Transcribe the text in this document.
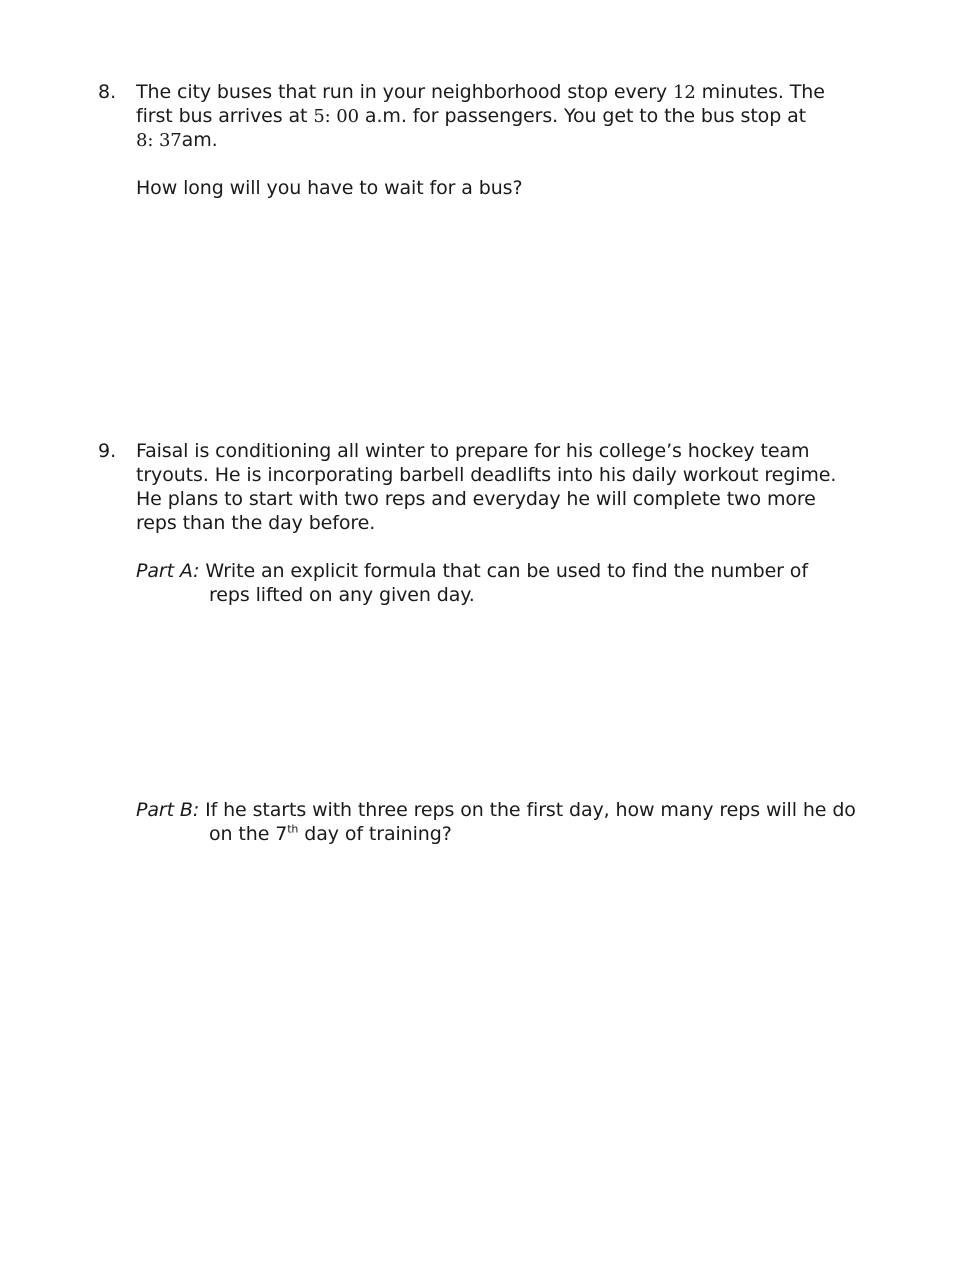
8. The city buses that run in your neighborhood stop every 12 minutes. The
first bus arrives at 5: 00 a.m. for passengers. You get to the bus stop at
8: 37am.
How long will you have to wait for a bus?
9. Faisal is conditioning all winter to prepare for his college’s hockey team
tryouts. He is incorporating barbell deadlifts into his daily workout regime.
He plans to start with two reps and everyday he will complete two more
reps than the day before.
Part A: Write an explicit formula that can be used to find the number of
reps lifted on any given day.
Part B: If he starts with three reps on the first day, how many reps will he do
on the 7th day of training?
